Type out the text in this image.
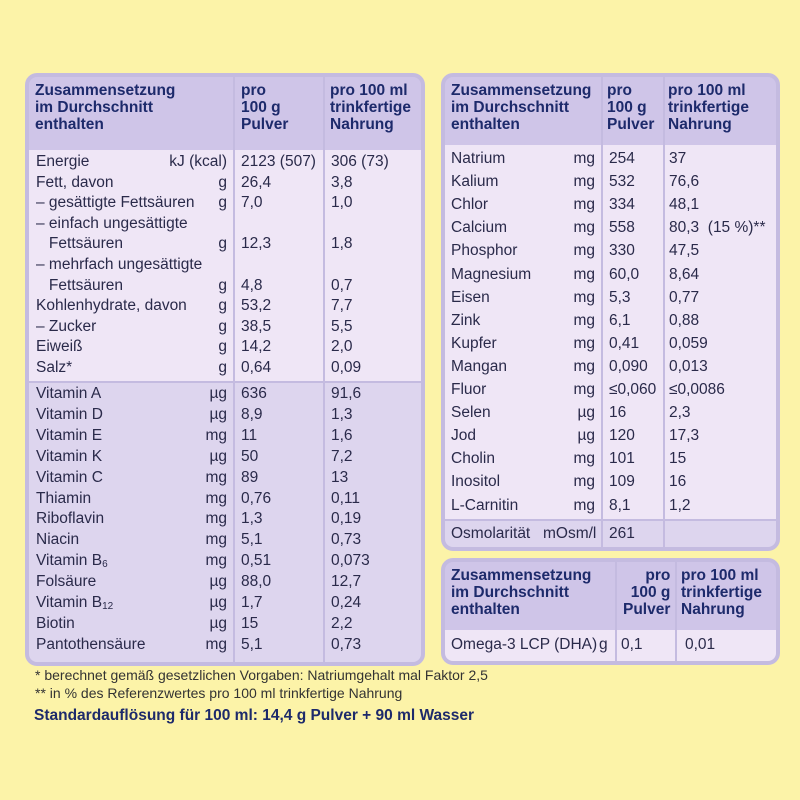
Zusammensetzung
im Durchschnitt
enthalten
pro
100 g
Pulver
pro 100 ml
trinkfertige
Nahrung
Energie	kJ (kcal) 2123 (507) 306 (73)
Fett, davon	g 26,4	3,8
– gesättigte Fettsäuren g 7,0	1,0
– einfach ungesättigte
Fettsäuren	g 12,3	1,8
– mehrfach ungesättigte
Fettsäuren	g 4,8	0,7
Kohlenhydrate, davon g 53,2	7,7
– Zucker	g 38,5	5,5
Eiweiß	g 14,2	2,0
Salz*	g 0,64	0,09
Vitamin A	µg 636	91,6
Vitamin D	µg 8,9	1,3
Vitamin E	mg 11	1,6
Vitamin K	µg 50	7,2
Vitamin C	mg 89	13
Thiamin	mg 0,76	0,11
Riboflavin	mg 1,3	0,19
Niacin	mg 5,1	0,73
Vitamin $B_6$	mg 0,51	0,073
Folsäure	µg 88,0	12,7
Vitamin $B_{12}$	µg 1,7	0,24
Biotin	µg 15	2,2
Pantothensäure	mg 5,1	0,73
Zusammensetzung
im Durchschnitt
enthalten
pro
100 g
Pulver
pro 100 ml
trinkfertige
Nahrung
Natrium	mg 254 37
Kalium	mg 532 76,6
Chlor	mg 334 48,1
Calcium	mg 558 80,3  (15 %)**
Phosphor	mg 330 47,5
Magnesium	mg 60,0 8,64
Eisen	mg 5,3 0,77
Zink	mg 6,1 0,88
Kupfer	mg 0,41 0,059
Mangan	mg 0,090 0,013
Fluor	mg ≤0,060 ≤0,0086
Selen	µg 16	2,3
Jod	µg 120 17,3
Cholin	mg 101 15
Inositol	mg 109 16
L-Carnitin	mg 8,1 1,2
Osmolarität mOsm/l 261
Zusammensetzung
im Durchschnitt
enthalten
pro
100 g
Pulver
pro 100 ml
trinkfertige
Nahrung
Omega-3 LCP (DHA) g 0,1	0,01
* berechnet gemäß gesetzlichen Vorgaben: Natriumgehalt mal Faktor 2,5
** in % des Referenzwertes pro 100 ml trinkfertige Nahrung
Standardauflösung für 100 ml: 14,4 g Pulver + 90 ml Wasser
